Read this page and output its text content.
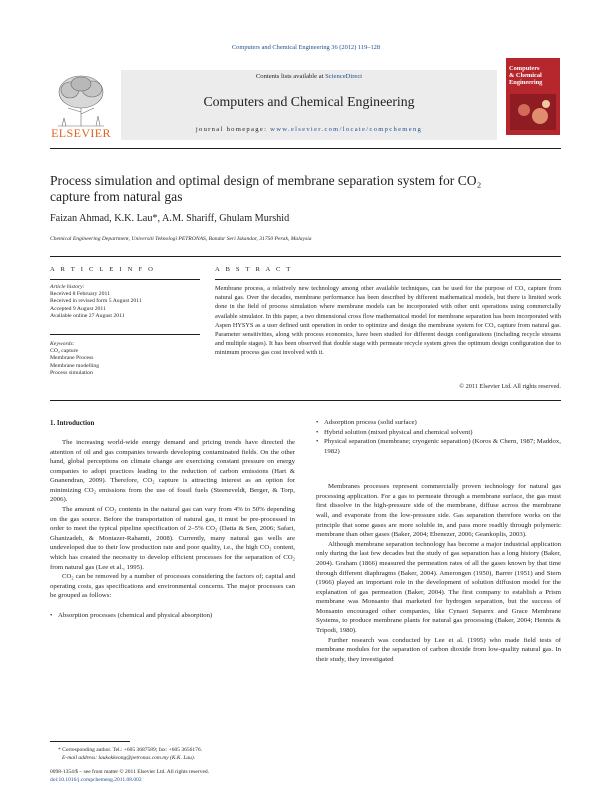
Computers and Chemical Engineering 36 (2012) 119–128
ELSEVIER
Contents lists available at ScienceDirect
Computers and Chemical Engineering
journal homepage: www.elsevier.com/locate/compchemeng
Computers
& Chemical
Engineering
Process simulation and optimal design of membrane separation system for CO₂
capture from natural gas
Faizan Ahmad, K.K. Lau*, A.M. Shariff, Ghulam Murshid
Chemical Engineering Department, Universiti Teknologi PETRONAS, Bandar Seri Iskandar, 31750 Perak, Malaysia
A R T I C L E I N F O
Article history:
Received 8 February 2011
Received in revised form 5 August 2011
Accepted 9 August 2011
Available online 27 August 2011
Keywords:
CO₂ capture
Membrane Process
Membrane modelling
Process simulation
A B S T R A C T
Membrane process, a relatively new technology among other available techniques, can be used for the purpose of CO₂ capture from natural gas. Over the decades, membrane performance has been described by different mathematical models, but there is limited work done in the field of process simulation where membrane models can be incorporated with other unit operations using commercially available simulator. In this paper, a two dimensional cross flow mathematical model for membrane separation has been incorporated with Aspen HYSYS as a user defined unit operation in order to optimize and design the membrane system for CO₂ capture from natural gas. Parameter sensitivities, along with process economics, have been studied for different design configurations (including recycle streams and multiple stages). It has been observed that double stage with permeate recycle system gives the optimum design configuration due to minimum process gas cost involved with it.
© 2011 Elsevier Ltd. All rights reserved.
1. Introduction

The increasing world-wide energy demand and pricing trends have directed the attention of oil and gas companies towards developing contaminated fields. On the other hand, global perceptions on climate change are exercising constant pressure on energy companies to adopt practices leading to the reduction of carbon emissions (Hart & Gnanendran, 2009). Therefore, CO₂ capture is attracting interest as an option for minimizing CO₂ emissions from the use of fossil fuels (Steeneveldt, Berger, & Torp, 2006).

The amount of CO₂ contents in the natural gas can vary from 4% to 50% depending on the gas source. Before the transportation of natural gas, it must be pre-processed in order to meet the typical pipeline specification of 2–5% CO₂ (Datta & Sen, 2006; Safari, Ghanizadeh, & Montazer-Rahamti, 2008). Currently, many natural gas wells are undeveloped due to their low production rate and poor quality, i.e., the high CO₂ content, which has created the necessity to develop efficient processes for the separation of CO₂ from natural gas (Lee et al., 1995).

CO₂ can be removed by a number of processes considering the factors of; capital and operating costs, gas specifications and environmental concerns. The major processes can be grouped as follows:

• Absorption processes (chemical and physical absorption)
• Adsorption process (solid surface)
• Hybrid solution (mixed physical and chemical solvent)
• Physical separation (membrane; cryogenic separation) (Koros & Chern, 1987; Maddox, 1982)

Membranes processes represent commercially proven technology for natural gas processing application. For a gas to permeate through a membrane surface, the gas must first dissolve in the high-pressure side of the membrane, diffuse across the membrane wall, and evaporate from the low-pressure side. Gas separation therefore works on the principle that some gases are more soluble in, and pass more readily through polymeric membrane than other gases (Baker, 2004; Ebenezer, 2006; Geankoplis, 2003).

Although membrane separation technology has become a major industrial application only during the last few decades but the study of gas separation has a long history (Baker, 2004). Graham (1866) measured the permeation rates of all the gases known by that time through different diaphragms (Baker, 2004). Amerongen (1950), Barrer (1951) and Stern (1966) played an important role in the development of solution diffusion model for the explanation of gas permeation (Baker, 2004). The first company to establish a Prism membrane was Monsanto that marketed for hydrogen separation, but the success of Monsanto encouraged other companies, like Cynaoi Separex and Grace Membrane Systems, to produce membrane plants for natural gas processing (Baker, 2004; Hennis & Tripodi, 1980).

Further research was conducted by Lee et al. (1995) who made field tests of membrane modules for the separation of carbon dioxide from low-quality natural gas. In their study, they investigated

* Corresponding author. Tel.: +605 3687589; fax: +605 3656176.
E-mail address: laukokkeong@petronas.com.my (K.K. Lau).
0098-1354/$ – see front matter © 2011 Elsevier Ltd. All rights reserved.
doi:10.1016/j.compchemeng.2011.08.002
